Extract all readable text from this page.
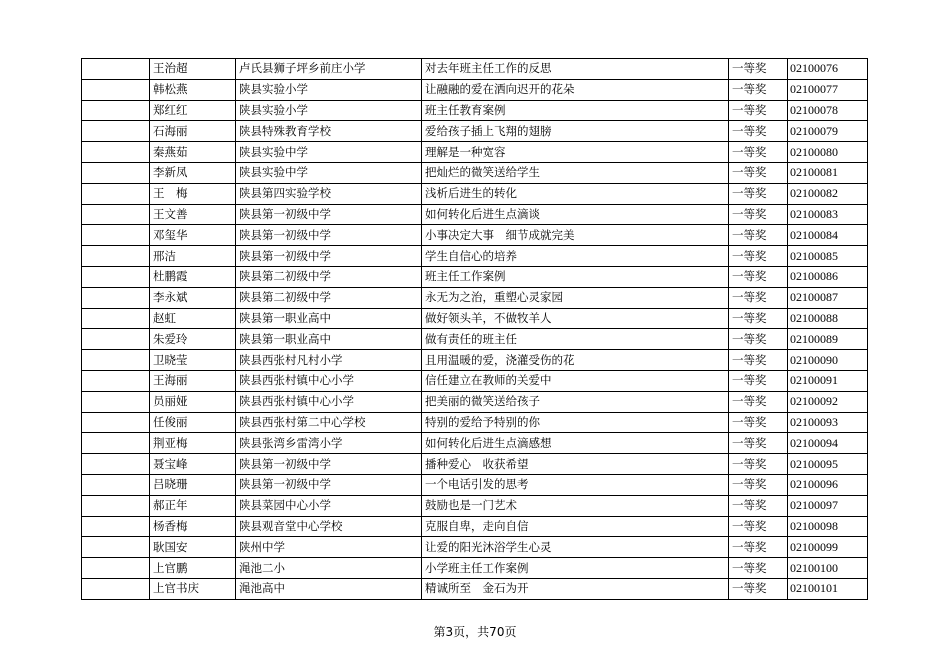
	王治超	卢氏县狮子坪乡前庄小学	对去年班主任工作的反思	一等奖	02100076
	韩松燕	陕县实验小学	让融融的爱在洒向迟开的花朵	一等奖	02100077
	郑红红	陕县实验小学	班主任教育案例	一等奖	02100078
	石海丽	陕县特殊教育学校	爱给孩子插上飞翔的翅膀	一等奖	02100079
	秦燕茹	陕县实验中学	理解是一种宽容	一等奖	02100080
	李新凤	陕县实验中学	把灿烂的微笑送给学生	一等奖	02100081
	王　梅	陕县第四实验学校	浅析后进生的转化	一等奖	02100082
	王文善	陕县第一初级中学	如何转化后进生点滴谈	一等奖	02100083
	邓玺华	陕县第一初级中学	小事决定大事　细节成就完美	一等奖	02100084
	邢洁	陕县第一初级中学	学生自信心的培养	一等奖	02100085
	杜鹏霞	陕县第二初级中学	班主任工作案例	一等奖	02100086
	李永斌	陕县第二初级中学	永无为之治，重塑心灵家园	一等奖	02100087
	赵虹	陕县第一职业高中	做好领头羊，不做牧羊人	一等奖	02100088
	朱爱玲	陕县第一职业高中	做有责任的班主任	一等奖	02100089
	卫晓莹	陕县西张村凡村小学	且用温暖的爱，浇灌受伤的花	一等奖	02100090
	王海丽	陕县西张村镇中心小学	信任建立在教师的关爱中	一等奖	02100091
	员丽娅	陕县西张村镇中心小学	把美丽的微笑送给孩子	一等奖	02100092
	任俊丽	陕县西张村第二中心学校	特别的爱给予特别的你	一等奖	02100093
	荆亚梅	陕县张湾乡雷湾小学	如何转化后进生点滴感想	一等奖	02100094
	聂宝峰	陕县第一初级中学	播种爱心　收获希望	一等奖	02100095
	吕晓珊	陕县第一初级中学	一个电话引发的思考	一等奖	02100096
	郝正年	陕县菜园中心小学	鼓励也是一门艺术	一等奖	02100097
	杨香梅	陕县观音堂中心学校	克服自卑，走向自信	一等奖	02100098
	耿国安	陕州中学	让爱的阳光沐浴学生心灵	一等奖	02100099
	上官鹏	渑池二小	小学班主任工作案例	一等奖	02100100
	上官书庆	渑池高中	精诚所至　金石为开	一等奖	02100101
第3页，共70页
